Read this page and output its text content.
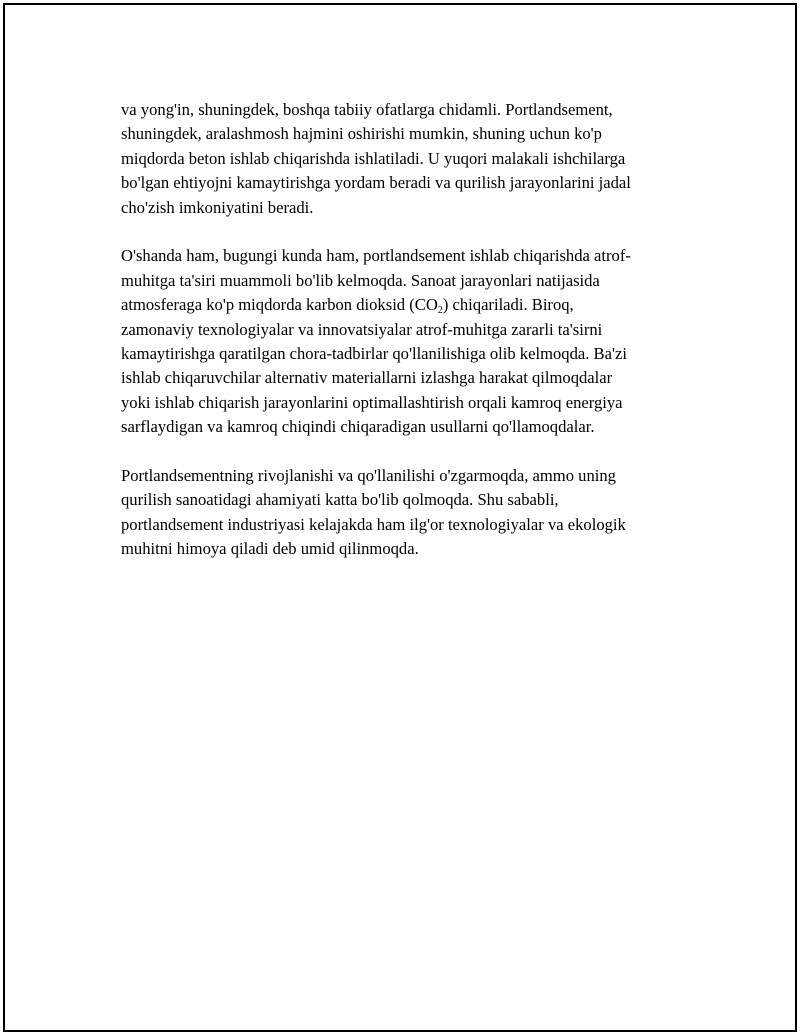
va yong'in, shuningdek, boshqa tabiiy ofatlarga chidamli. Portlandsement,
shuningdek, aralashmosh hajmini oshirishi mumkin, shuning uchun ko'p
miqdorda beton ishlab chiqarishda ishlatiladi. U yuqori malakali ishchilarga
bo'lgan ehtiyojni kamaytirishga yordam beradi va qurilish jarayonlarini jadal
cho'zish imkoniyatini beradi.

O'shanda ham, bugungi kunda ham, portlandsement ishlab chiqarishda atrof-
muhitga ta'siri muammoli bo'lib kelmoqda. Sanoat jarayonlari natijasida
atmosferaga ko'p miqdorda karbon dioksid $(CO_2)$ chiqariladi. Biroq,
zamonaviy texnologiyalar va innovatsiyalar atrof-muhitga zararli ta'sirni
kamaytirishga qaratilgan chora-tadbirlar qo'llanilishiga olib kelmoqda. Ba'zi
ishlab chiqaruvchilar alternativ materiallarni izlashga harakat qilmoqdalar
yoki ishlab chiqarish jarayonlarini optimallashtirish orqali kamroq energiya
sarflaydigan va kamroq chiqindi chiqaradigan usullarni qo'llamoqdalar.

Portlandsementning rivojlanishi va qo'llanilishi o'zgarmoqda, ammo uning
qurilish sanoatidagi ahamiyati katta bo'lib qolmoqda. Shu sababli,
portlandsement industriyasi kelajakda ham ilg'or texnologiyalar va ekologik
muhitni himoya qiladi deb umid qilinmoqda.
